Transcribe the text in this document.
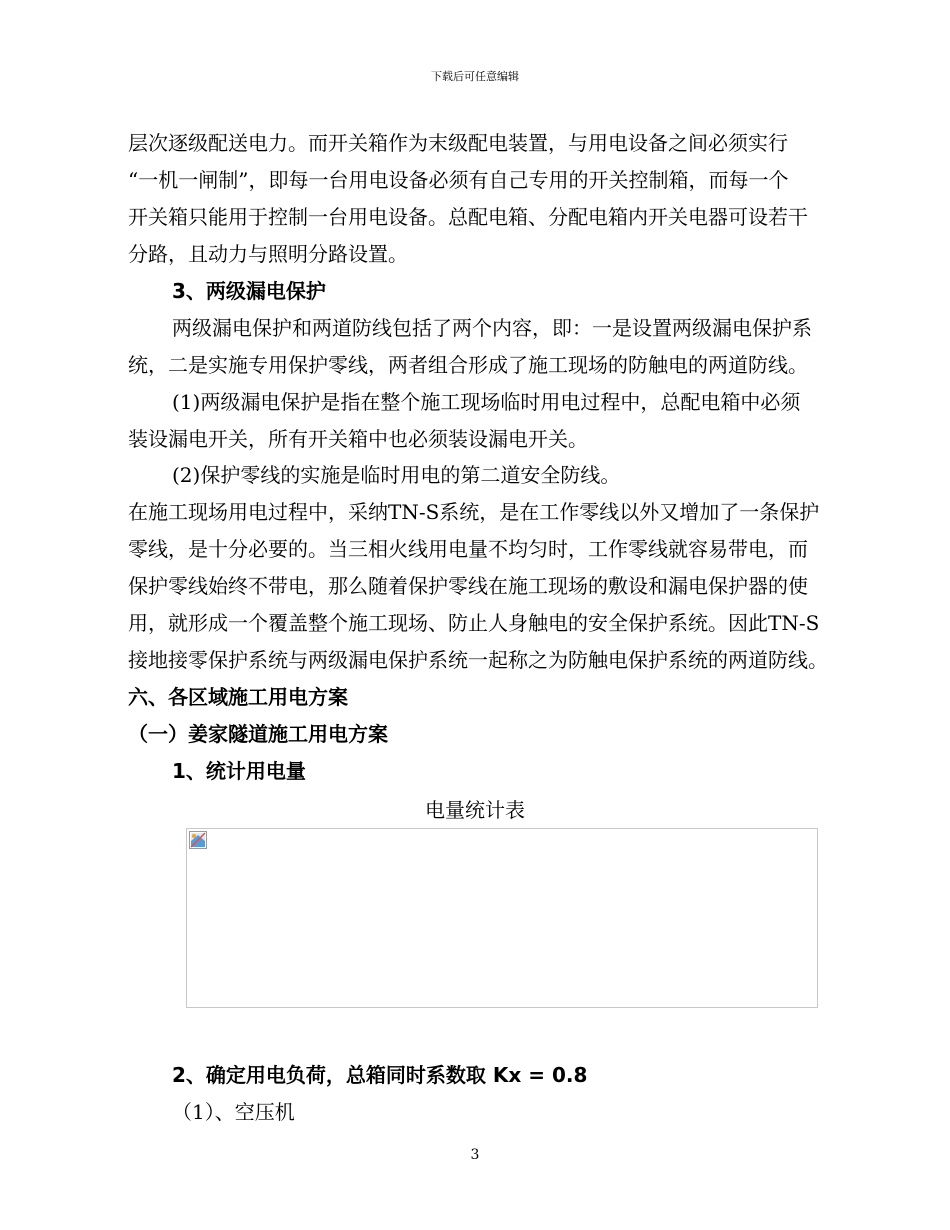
下载后可任意编辑
层次逐级配送电力。而开关箱作为末级配电装置，与用电设备之间必须实行
“一机一闸制”，即每一台用电设备必须有自己专用的开关控制箱，而每一个
开关箱只能用于控制一台用电设备。总配电箱、分配电箱内开关电器可设若干
分路，且动力与照明分路设置。
3、两级漏电保护
两级漏电保护和两道防线包括了两个内容，即：一是设置两级漏电保护系
统，二是实施专用保护零线，两者组合形成了施工现场的防触电的两道防线。
(1)两级漏电保护是指在整个施工现场临时用电过程中，总配电箱中必须
装设漏电开关，所有开关箱中也必须装设漏电开关。
(2)保护零线的实施是临时用电的第二道安全防线。
在施工现场用电过程中，采纳TN-S系统，是在工作零线以外又增加了一条保护
零线，是十分必要的。当三相火线用电量不均匀时，工作零线就容易带电，而
保护零线始终不带电，那么随着保护零线在施工现场的敷设和漏电保护器的使
用，就形成一个覆盖整个施工现场、防止人身触电的安全保护系统。因此TN-S
接地接零保护系统与两级漏电保护系统一起称之为防触电保护系统的两道防线。
六、各区域施工用电方案
（一）姜家隧道施工用电方案
1、统计用电量
电量统计表
2、确定用电负荷，总箱同时系数取 Kx = 0.8
（1）、空压机
3
